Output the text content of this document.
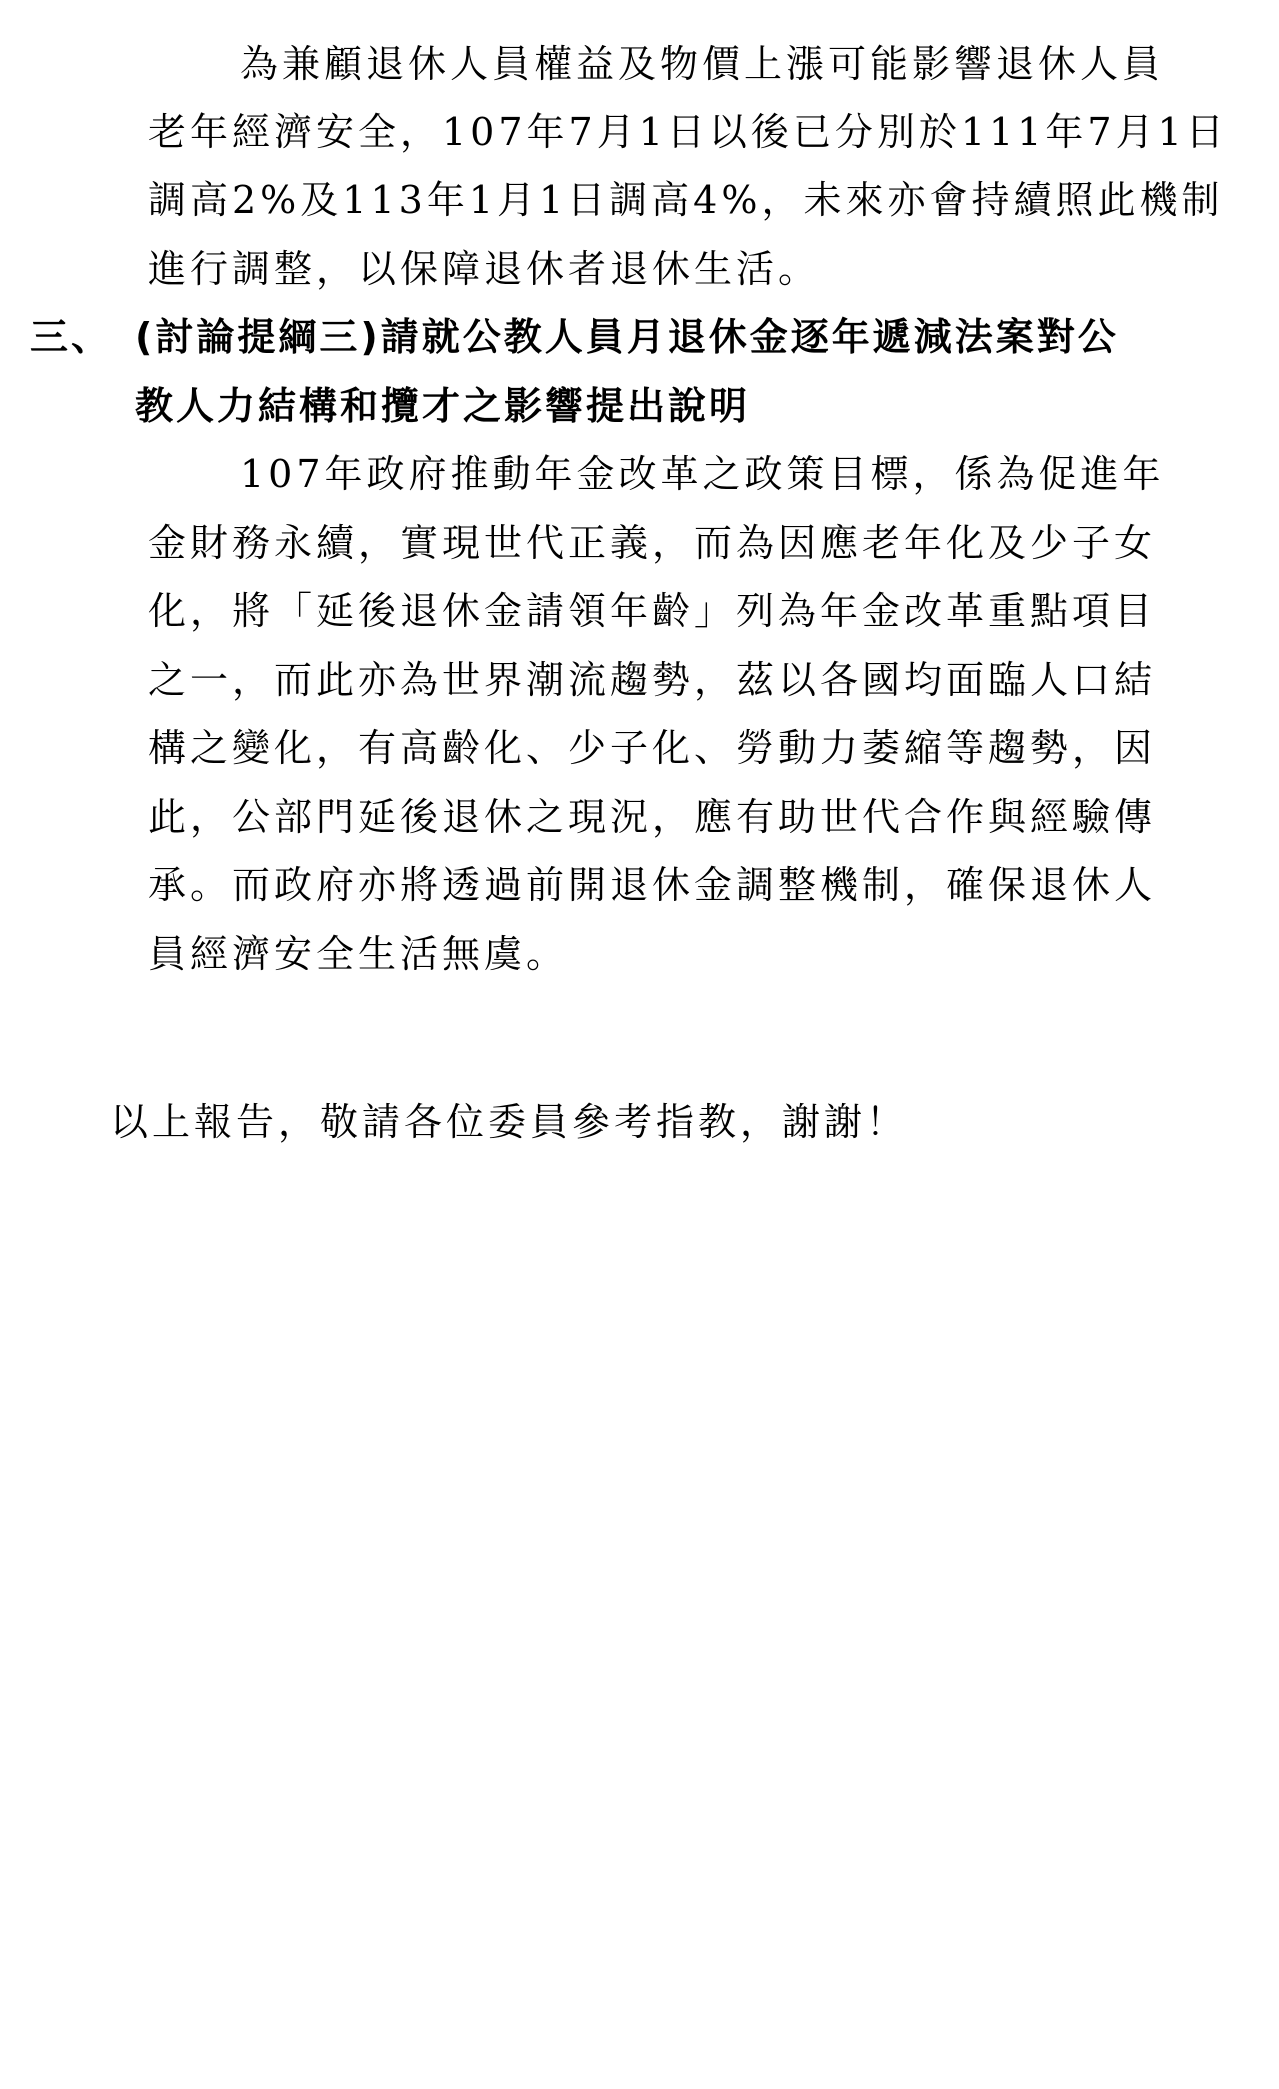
為兼顧退休人員權益及物價上漲可能影響退休人員
老年經濟安全，107年7月1日以後已分別於111年7月1日
調高2%及113年1月1日調高4%，未來亦會持續照此機制
進行調整，以保障退休者退休生活。
三、 (討論提綱三)請就公教人員月退休金逐年遞減法案對公
教人力結構和攬才之影響提出說明
107年政府推動年金改革之政策目標，係為促進年
金財務永續，實現世代正義，而為因應老年化及少子女
化，將「延後退休金請領年齡」列為年金改革重點項目
之一，而此亦為世界潮流趨勢，茲以各國均面臨人口結
構之變化，有高齡化、少子化、勞動力萎縮等趨勢，因
此，公部門延後退休之現況，應有助世代合作與經驗傳
承。而政府亦將透過前開退休金調整機制，確保退休人
員經濟安全生活無虞。
以上報告，敬請各位委員參考指教，謝謝！
